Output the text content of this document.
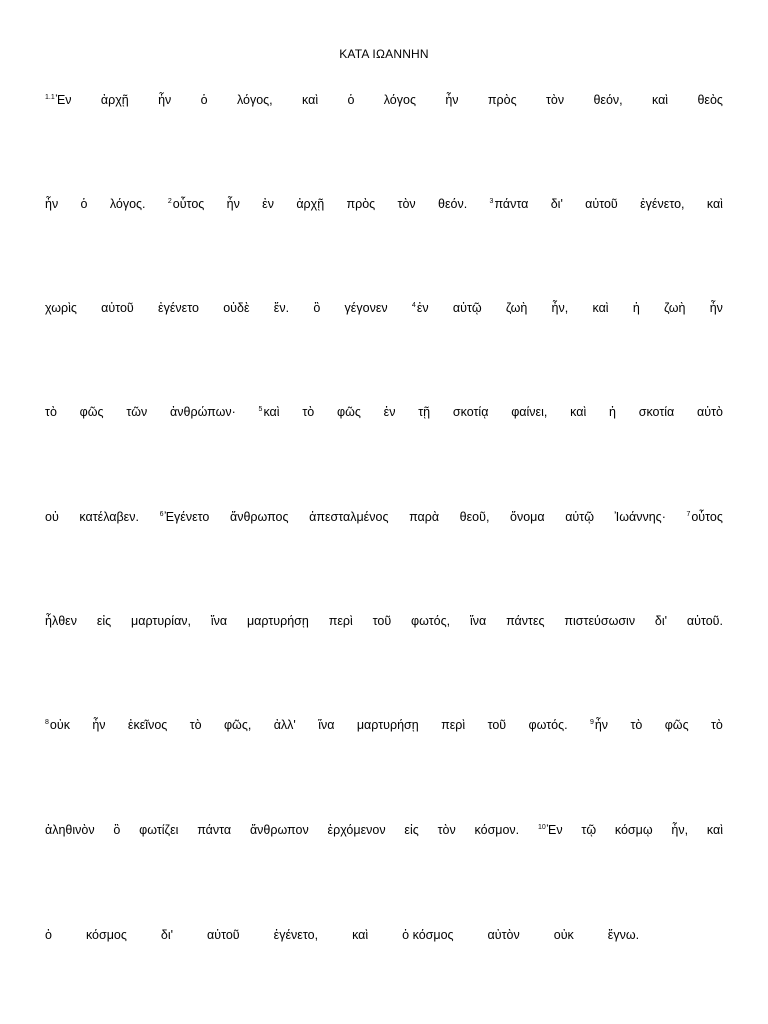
ΚΑΤΑ ΙΩΑΝΝΗΝ
$^{1.1}$Ἐν ἀρχῇ ἦν ὁ λόγος, καὶ ὁ λόγος ἦν πρὸς τὸν θεόν, καὶ θεὸς
ἦν ὁ λόγος.	$^2$οὗτος ἦν ἐν ἀρχῇ πρὸς τὸν θεόν.	$^3$πάντα δι' αὐτοῦ ἐγένετο, καὶ
χωρὶς αὐτοῦ ἐγένετο οὐδὲ ἕν. ὃ γέγονεν	$^4$ἐν αὐτῷ ζωὴ ἦν, καὶ ἡ ζωὴ ἦν
τὸ φῶς τῶν ἀνθρώπων·	$^5$καὶ τὸ φῶς ἐν τῇ σκοτίᾳ φαίνει, καὶ ἡ σκοτία αὐτὸ
οὐ κατέλαβεν.	$^6$Ἐγένετο ἄνθρωπος ἀπεσταλμένος παρὰ θεοῦ, ὄνομα αὐτῷ Ἰωάννης·	$^7$οὗτος
ἦλθεν εἰς μαρτυρίαν, ἵνα μαρτυρήσῃ περὶ τοῦ φωτός, ἵνα πάντες πιστεύσωσιν δι' αὐτοῦ.
$^8$οὐκ ἦν ἐκεῖνος τὸ φῶς, ἀλλ' ἵνα μαρτυρήσῃ περὶ τοῦ φωτός.	$^9$ἦν τὸ φῶς τὸ
ἀληθινὸν ὃ φωτίζει πάντα ἄνθρωπον ἐρχόμενον εἰς τὸν κόσμον.	$^{10}$Ἐν τῷ κόσμῳ ἦν, καὶ
ὁ	κόσμος	δι'	αὐτοῦ	ἐγένετο,	καὶ	ὁ κόσμος	αὐτὸν	οὐκ	ἔγνω.
